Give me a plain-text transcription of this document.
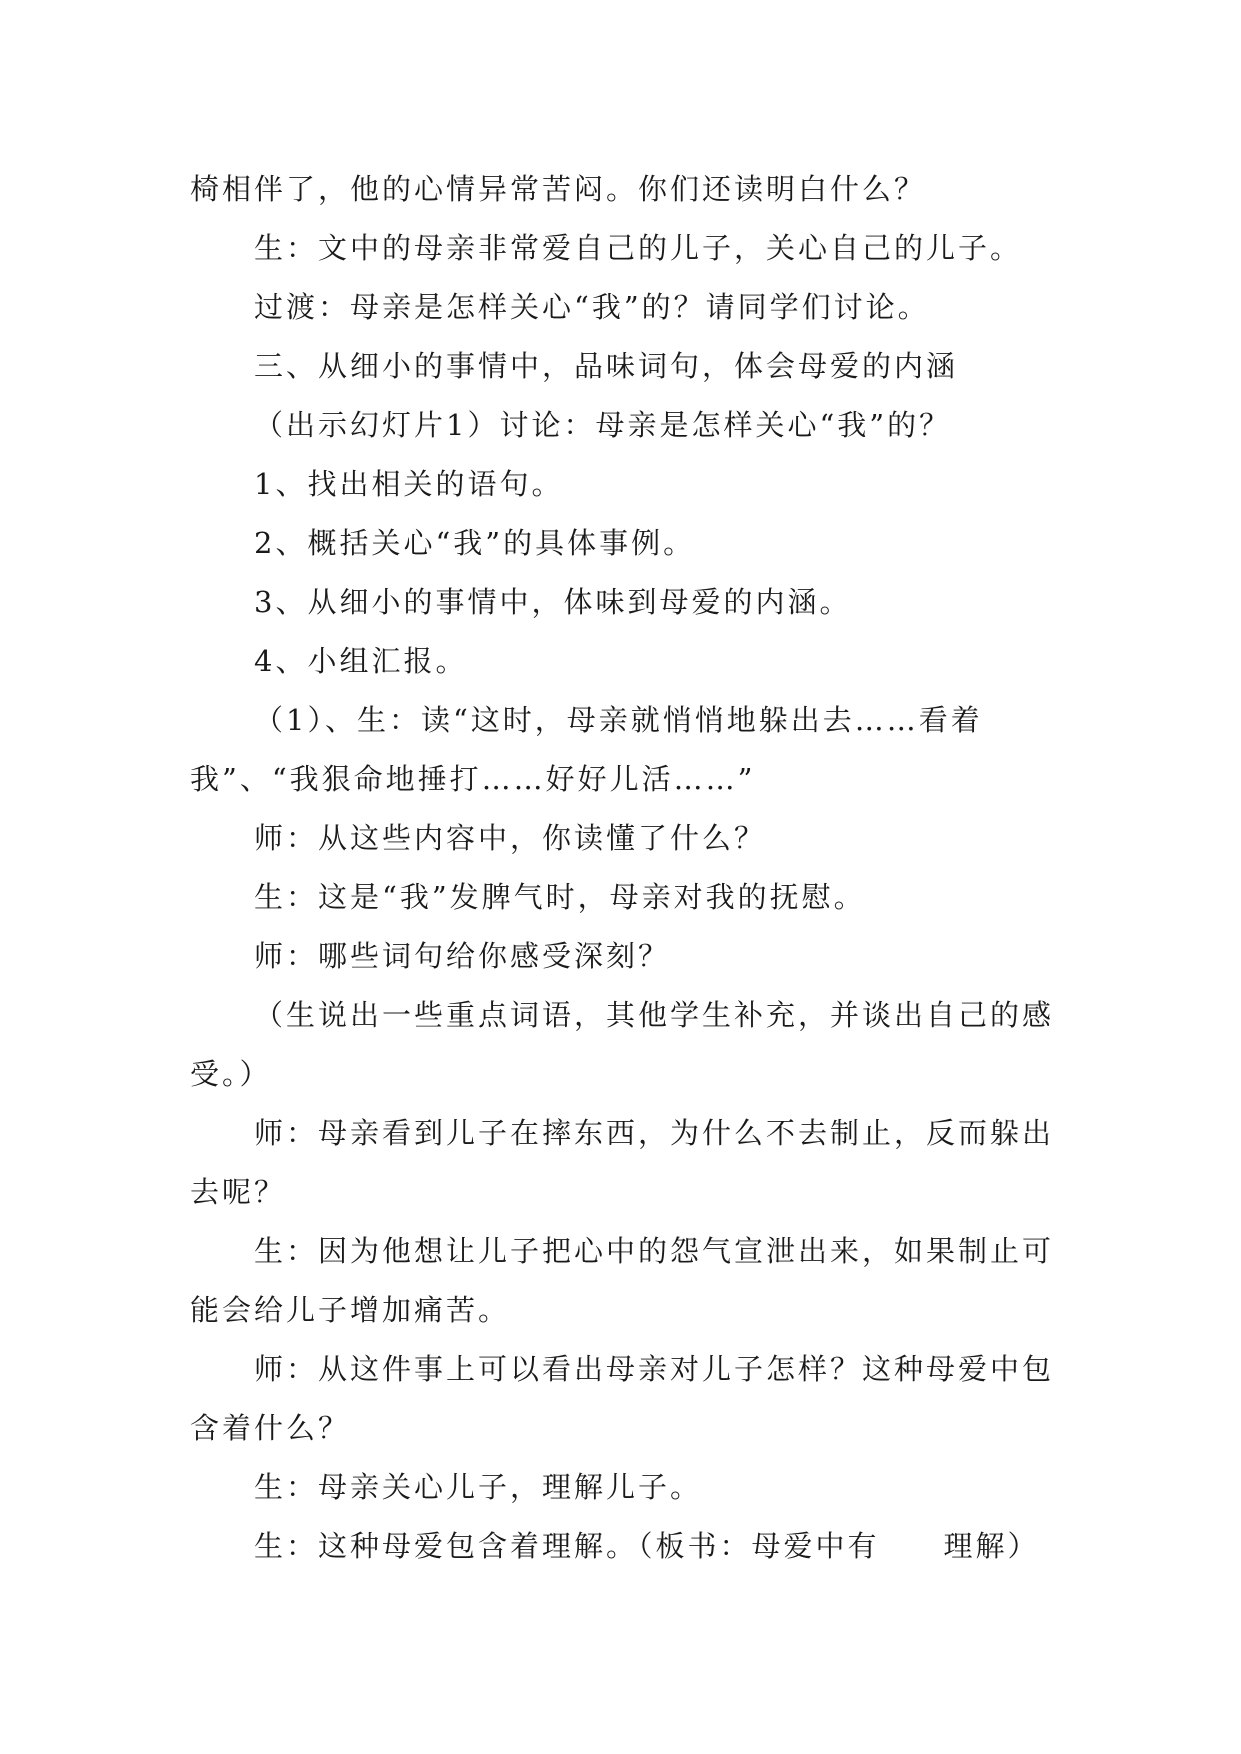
椅相伴了，他的心情异常苦闷。你们还读明白什么？

生：文中的母亲非常爱自己的儿子，关心自己的儿子。

过渡：母亲是怎样关心“我”的？请同学们讨论。

三、从细小的事情中，品味词句，体会母爱的内涵

（出示幻灯片1）讨论：母亲是怎样关心“我”的？

1、找出相关的语句。

2、概括关心“我”的具体事例。

3、从细小的事情中，体味到母爱的内涵。

4、小组汇报。

（1）、生：读“这时，母亲就悄悄地躲出去……看着我”、“我狠命地捶打……好好儿活……”

师：从这些内容中，你读懂了什么？

生：这是“我”发脾气时，母亲对我的抚慰。

师：哪些词句给你感受深刻？

（生说出一些重点词语，其他学生补充，并谈出自己的感受。）

师：母亲看到儿子在摔东西，为什么不去制止，反而躲出去呢？

生：因为他想让儿子把心中的怨气宣泄出来，如果制止可能会给儿子增加痛苦。

师：从这件事上可以看出母亲对儿子怎样？这种母爱中包含着什么？

生：母亲关心儿子，理解儿子。

生：这种母爱包含着理解。（板书：母爱中有 理解）
